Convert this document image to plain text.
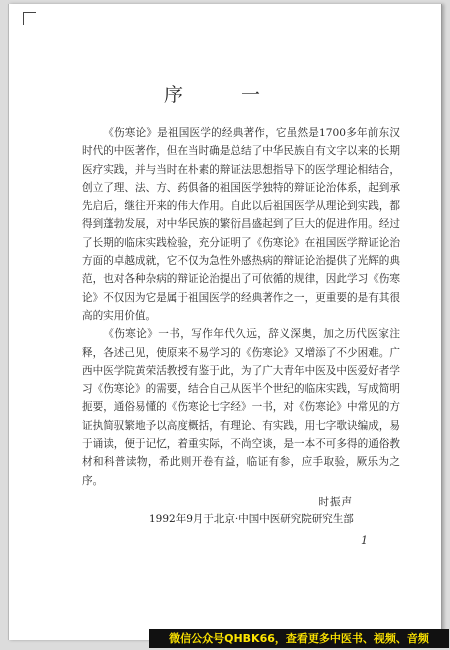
序 一

《伤寒论》是祖国医学的经典著作，它虽然是1700多年前东汉时代的中医著作，但在当时确是总结了中华民族自有文字以来的长期医疗实践，并与当时在朴素的辩证法思想指导下的医学理论相结合，创立了理、法、方、药俱备的祖国医学独特的辩证论治体系，起到承先启后，继往开来的伟大作用。自此以后祖国医学从理论到实践，都得到蓬勃发展，对中华民族的繁衍昌盛起到了巨大的促进作用。经过了长期的临床实践检验，充分证明了《伤寒论》在祖国医学辩证论治方面的卓越成就，它不仅为急性外感热病的辩证论治提供了光辉的典范，也对各种杂病的辩证论治提出了可依循的规律，因此学习《伤寒论》不仅因为它是属于祖国医学的经典著作之一，更重要的是有其很高的实用价值。

《伤寒论》一书，写作年代久远，辞义深奥，加之历代医家注释，各述己见，使原来不易学习的《伤寒论》又增添了不少困难。广西中医学院黄荣活教授有鉴于此，为了广大青年中医及中医爱好者学习《伤寒论》的需要，结合自己从医半个世纪的临床实践，写成简明扼要，通俗易懂的《伤寒论七字经》一书，对《伤寒论》中常见的方证执简驭繁地予以高度概括，有理论、有实践，用七字歌诀编成，易于诵读，便于记忆，着重实际，不尚空谈，是一本不可多得的通俗教材和科普读物，希此则开卷有益，临证有参，应手取验，厥乐为之序。

时振声
1992年9月于北京·中国中医研究院研究生部
1
微信公众号QHBK66，查看更多中医书、视频、音频
